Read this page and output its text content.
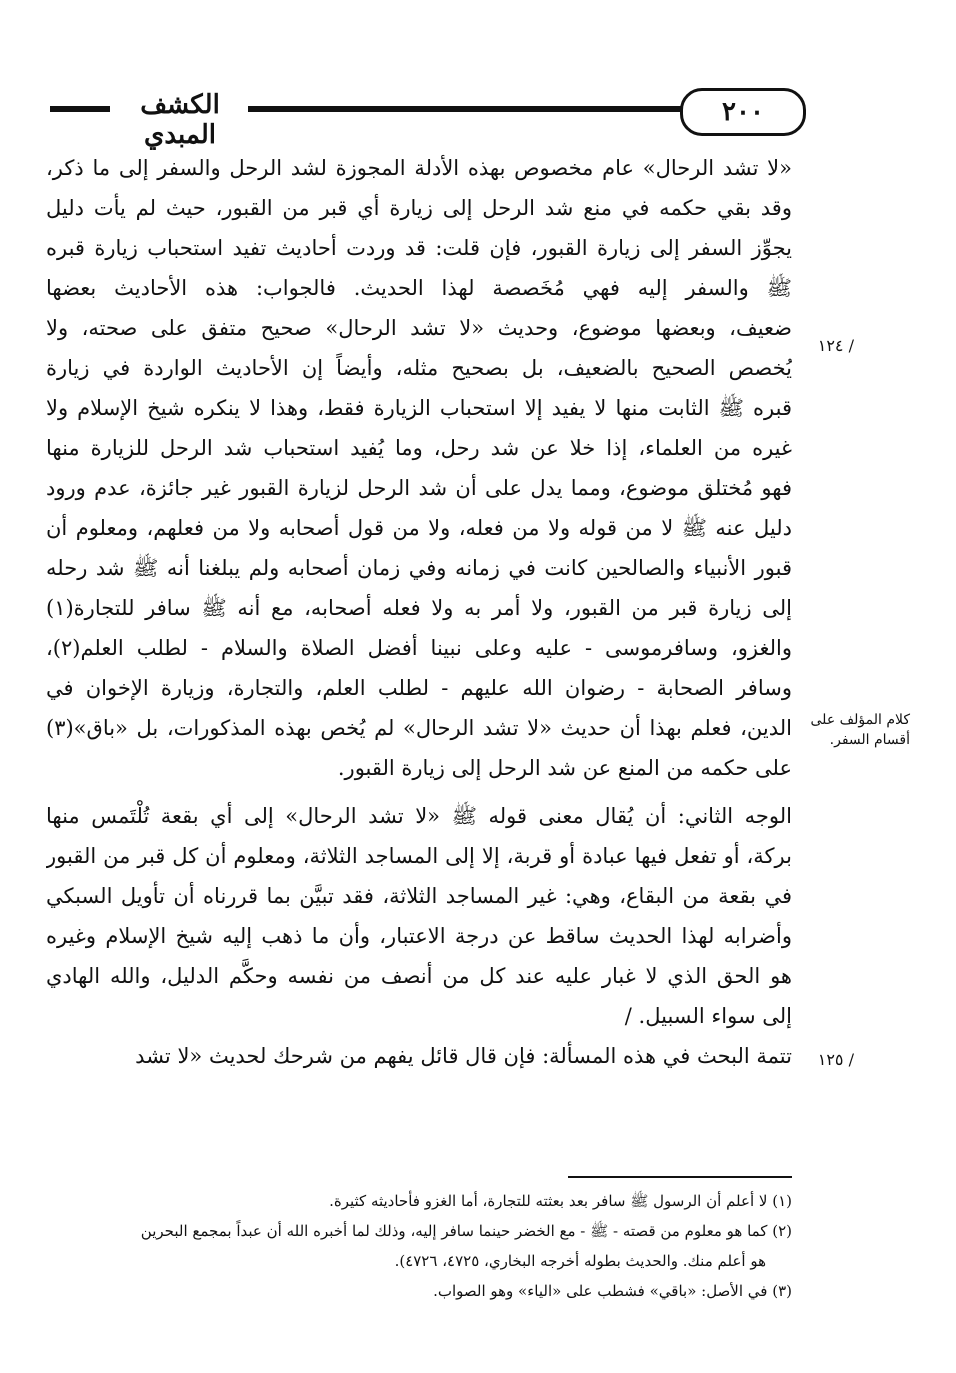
الكشف المبدي
٢٠٠
/ ١٢٤
كلام المؤلف على أقسام السفر.
/ ١٢٥
«لا تشد الرحال» عام مخصوص بهذه الأدلة المجوزة لشد الرحل والسفر إلى ما ذكر،
وقد بقي حكمه في منع شد الرحل إلى زيارة أي قبر من القبور، حيث لم يأت دليل
يجوِّز السفر إلى زيارة القبور، فإن قلت: قد وردت أحاديث تفيد استحباب زيارة قبره
ﷺ والسفر إليه فهي مُخَصصة لهذا الحديث. فالجواب: هذه الأحاديث بعضها
ضعيف، وبعضها موضوع، وحديث «لا تشد الرحال» صحيح متفق على صحته، ولا
يُخصص الصحيح بالضعيف، بل بصحيح مثله، وأيضاً إن الأحاديث الواردة في زيارة
قبره ﷺ الثابت منها لا يفيد إلا استحباب الزيارة فقط، وهذا لا ينكره شيخ الإسلام ولا
غيره من العلماء، إذا خلا عن شد رحل، وما يُفيد استحباب شد الرحل للزيارة منها
فهو مُختلق موضوع، ومما يدل على أن شد الرحل لزيارة القبور غير جائزة، عدم ورود
دليل عنه ﷺ لا من قوله ولا من فعله، ولا من قول أصحابه ولا من فعلهم، ومعلوم أن
قبور الأنبياء والصالحين كانت في زمانه وفي زمان أصحابه ولم يبلغنا أنه ﷺ شد رحله
إلى زيارة قبر من القبور، ولا أمر به ولا فعله أصحابه، مع أنه ﷺ سافر للتجارة(١)
والغزو، وسافرموسى - عليه وعلى نبينا أفضل الصلاة والسلام - لطلب العلم(٢)،
وسافر الصحابة - رضوان الله عليهم - لطلب العلم، والتجارة، وزيارة الإخوان في
الدين، فعلم بهذا أن حديث «لا تشد الرحال» لم يُخص بهذه المذكورات، بل «باق»(٣)
على حكمه من المنع عن شد الرحل إلى زيارة القبور.
الوجه الثاني: أن يُقال معنى قوله ﷺ «لا تشد الرحال» إلى أي بقعة تُلْتَمس منها
بركة، أو تفعل فيها عبادة أو قربة، إلا إلى المساجد الثلاثة، ومعلوم أن كل قبر من القبور
في بقعة من البقاع، وهي: غير المساجد الثلاثة، فقد تبيَّن بما قررناه أن تأويل السبكي
وأضرابه لهذا الحديث ساقط عن درجة الاعتبار، وأن ما ذهب إليه شيخ الإسلام وغيره
هو الحق الذي لا غبار عليه عند كل من أنصف من نفسه وحكَّم الدليل، والله الهادي
إلى سواء السبيل. /
تتمة البحث في هذه المسألة: فإن قال قائل يفهم من شرحك لحديث «لا تشد
(١) لا أعلم أن الرسول ﷺ سافر بعد بعثته للتجارة، أما الغزو فأحاديثه كثيرة.
(٢) كما هو معلوم من قصته - ﷺ - مع الخضر حينما سافر إليه، وذلك لما أخبره الله أن عبداً بمجمع البحرين
هو أعلم منك. والحديث بطوله أخرجه البخاري، ٤٧٢٥، ٤٧٢٦).
(٣) في الأصل: «باقي» فشطب على «الياء» وهو الصواب.
